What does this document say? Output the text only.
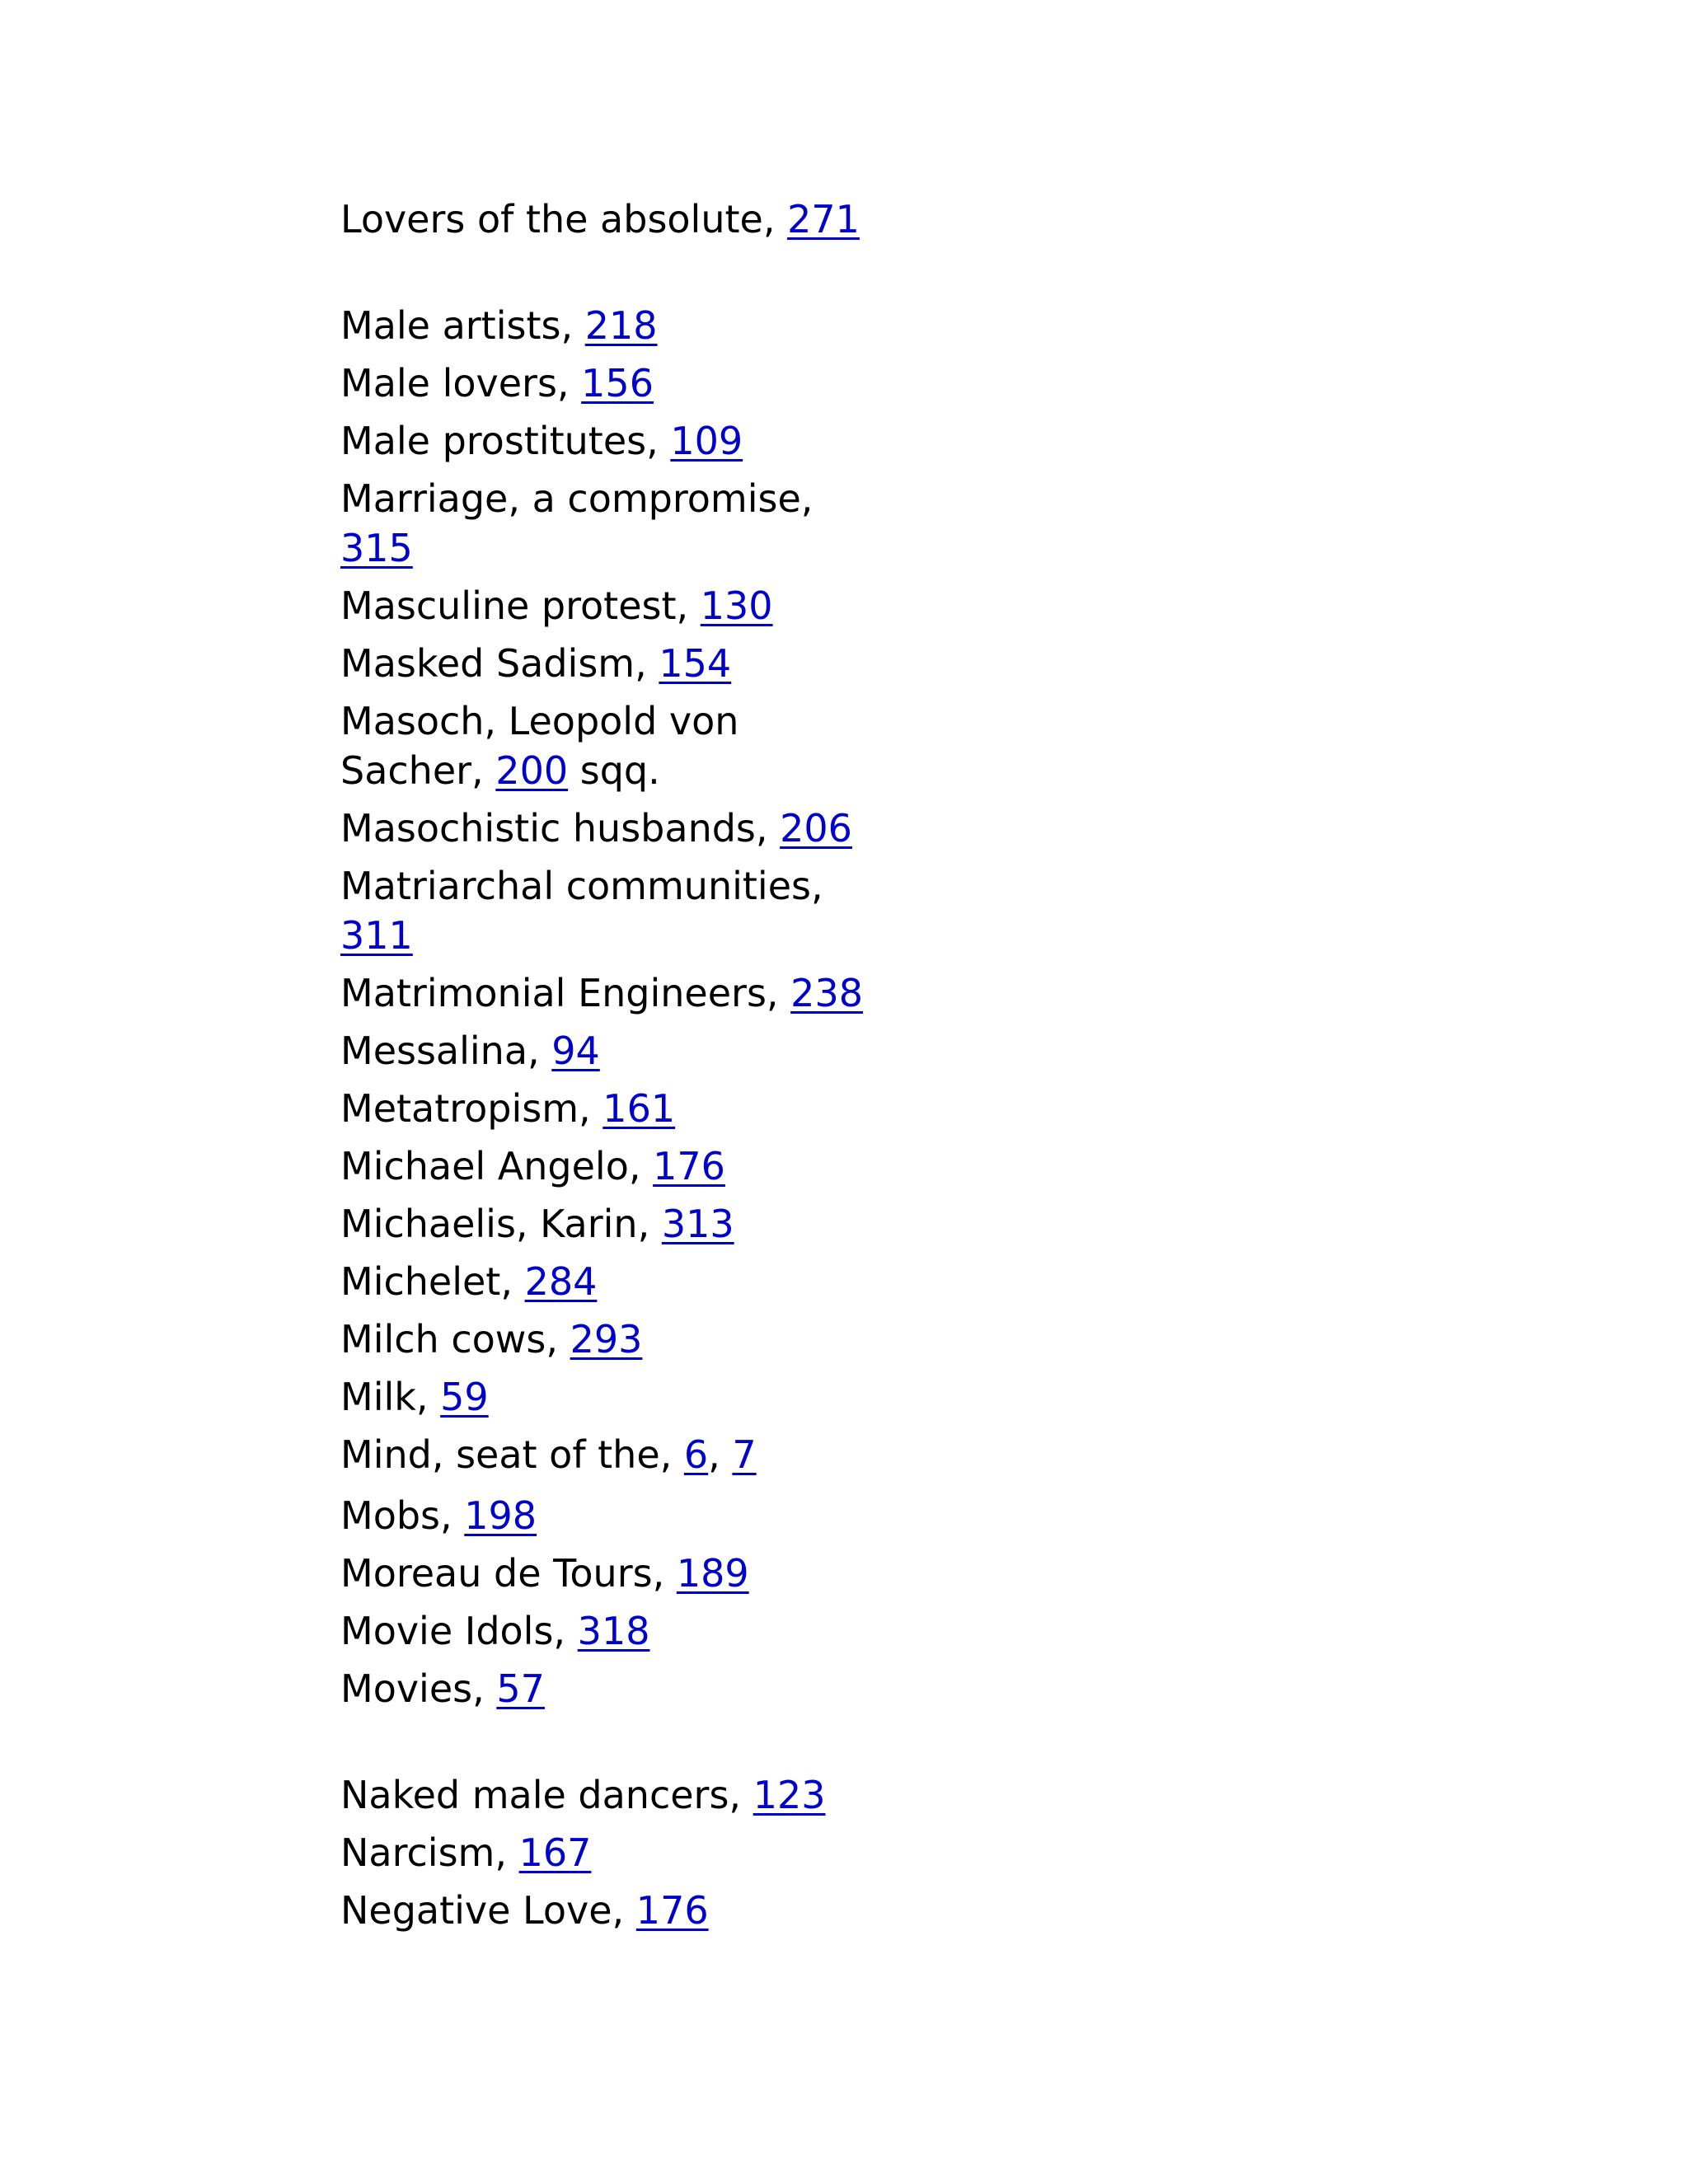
Lovers of the absolute, 271
Male artists, 218
Male lovers, 156
Male prostitutes, 109
Marriage, a compromise,
315
Masculine protest, 130
Masked Sadism, 154
Masoch, Leopold von
Sacher, 200 sqq.
Masochistic husbands, 206
Matriarchal communities,
311
Matrimonial Engineers, 238
Messalina, 94
Metatropism, 161
Michael Angelo, 176
Michaelis, Karin, 313
Michelet, 284
Milch cows, 293
Milk, 59
Mind, seat of the, 6, 7
Mobs, 198
Moreau de Tours, 189
Movie Idols, 318
Movies, 57
Naked male dancers, 123
Narcism, 167
Negative Love, 176
